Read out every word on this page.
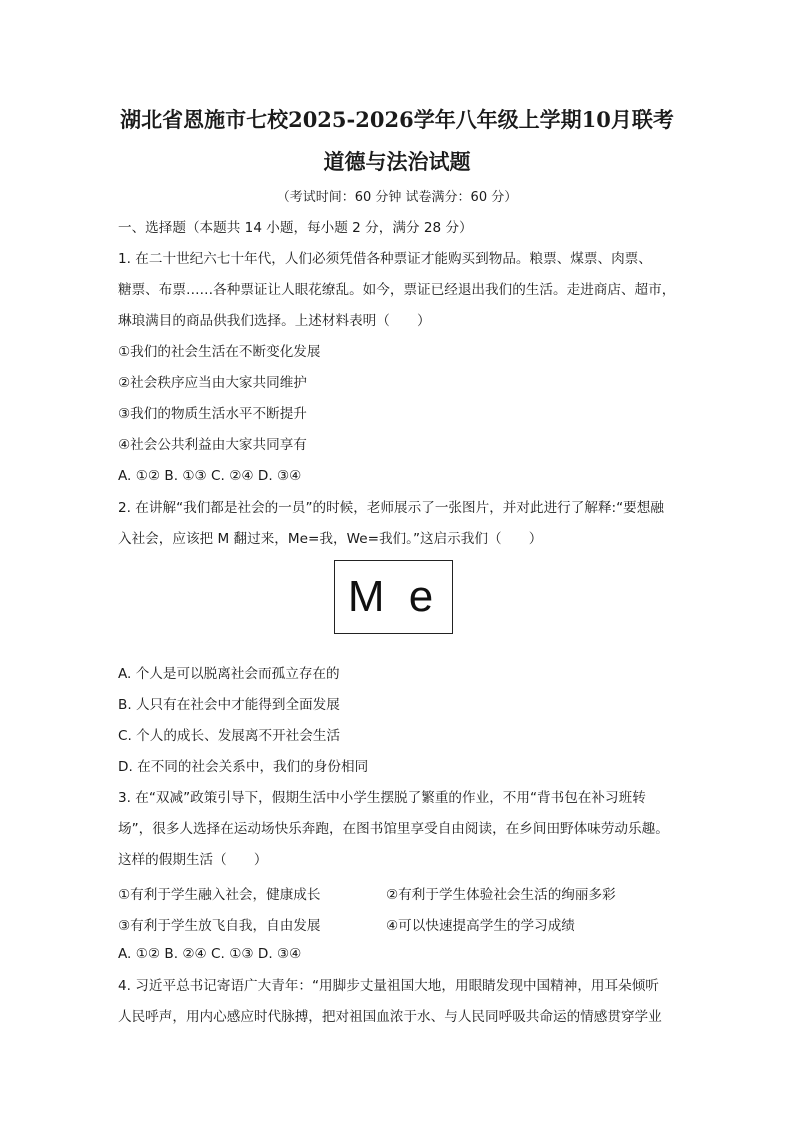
湖北省恩施市七校2025-2026学年八年级上学期10月联考
道德与法治试题
（考试时间：60 分钟 试卷满分：60 分）
一、选择题（本题共 14 小题，每小题 2 分，满分 28 分）
1. 在二十世纪六七十年代，人们必须凭借各种票证才能购买到物品。粮票、煤票、肉票、
糖票、布票……各种票证让人眼花缭乱。如今，票证已经退出我们的生活。走进商店、超市，
琳琅满目的商品供我们选择。上述材料表明（　　）
①我们的社会生活在不断变化发展
②社会秩序应当由大家共同维护
③我们的物质生活水平不断提升
④社会公共利益由大家共同享有
A. ①② B. ①③ C. ②④ D. ③④
2. 在讲解“我们都是社会的一员”的时候，老师展示了一张图片，并对此进行了解释:“要想融
入社会，应该把 M 翻过来，Me=我，We=我们。”这启示我们（　　）
M e
A. 个人是可以脱离社会而孤立存在的
B. 人只有在社会中才能得到全面发展
C. 个人的成长、发展离不开社会生活
D. 在不同的社会关系中，我们的身份相同
3. 在“双减”政策引导下，假期生活中小学生摆脱了繁重的作业，不用“背书包在补习班转
场”，很多人选择在运动场快乐奔跑，在图书馆里享受自由阅读，在乡间田野体味劳动乐趣。
这样的假期生活（　　）
①有利于学生融入社会，健康成长	②有利于学生体验社会生活的绚丽多彩
③有利于学生放飞自我，自由发展	④可以快速提高学生的学习成绩
A. ①② B. ②④ C. ①③ D. ③④
4. 习近平总书记寄语广大青年：“用脚步丈量祖国大地，用眼睛发现中国精神，用耳朵倾听
人民呼声，用内心感应时代脉搏，把对祖国血浓于水、与人民同呼吸共命运的情感贯穿学业
